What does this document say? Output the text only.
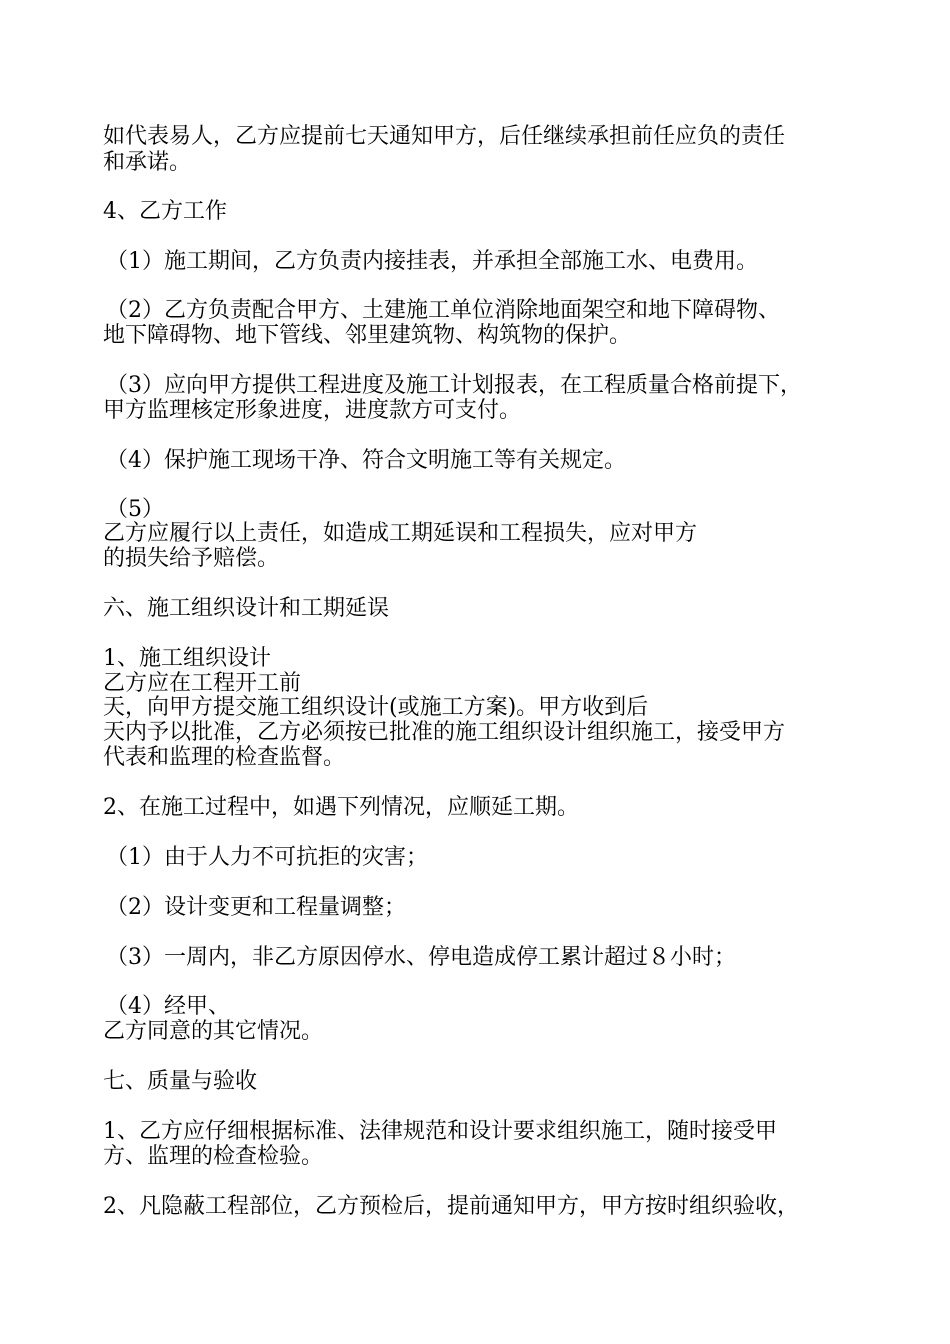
如代表易人，乙方应提前七天通知甲方，后任继续承担前任应负的责任
和承诺。
4、乙方工作
（1）施工期间，乙方负责内接挂表，并承担全部施工水、电费用。
（2）乙方负责配合甲方、土建施工单位消除地面架空和地下障碍物、
地下障碍物、地下管线、邻里建筑物、构筑物的保护。
（3）应向甲方提供工程进度及施工计划报表，在工程质量合格前提下，
甲方监理核定形象进度，进度款方可支付。
（4）保护施工现场干净、符合文明施工等有关规定。
（5）
乙方应履行以上责任，如造成工期延误和工程损失，应对甲方
的损失给予赔偿。
六、施工组织设计和工期延误
1、施工组织设计
乙方应在工程开工前
天，向甲方提交施工组织设计(或施工方案)。甲方收到后
天内予以批准，乙方必须按已批准的施工组织设计组织施工，接受甲方
代表和监理的检查监督。
2、在施工过程中，如遇下列情况，应顺延工期。
（1）由于人力不可抗拒的灾害；
（2）设计变更和工程量调整；
（3）一周内，非乙方原因停水、停电造成停工累计超过８小时；
（4）经甲、
乙方同意的其它情况。
七、质量与验收
1、乙方应仔细根据标准、法律规范和设计要求组织施工，随时接受甲
方、监理的检查检验。
2、凡隐蔽工程部位，乙方预检后，提前通知甲方，甲方按时组织验收，
